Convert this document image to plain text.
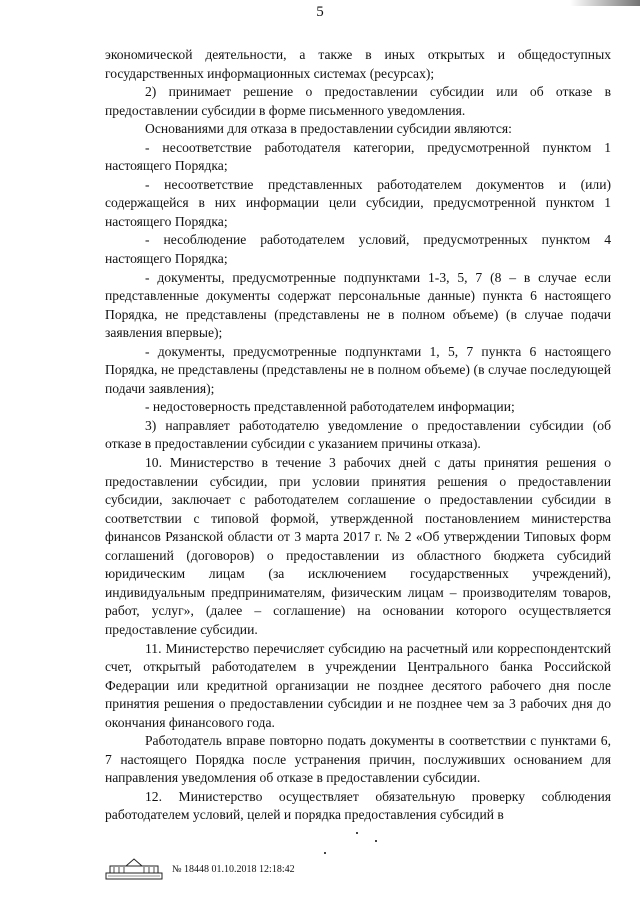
5

экономической деятельности, а также в иных открытых и общедоступных государственных информационных системах (ресурсах);

2) принимает решение о предоставлении субсидии или об отказе в предоставлении субсидии в форме письменного уведомления.

Основаниями для отказа в предоставлении субсидии являются:

- несоответствие работодателя категории, предусмотренной пунктом 1 настоящего Порядка;

- несоответствие представленных работодателем документов и (или) содержащейся в них информации цели субсидии, предусмотренной пунктом 1 настоящего Порядка;

- несоблюдение работодателем условий, предусмотренных пунктом 4 настоящего Порядка;

- документы, предусмотренные подпунктами 1-3, 5, 7 (8 – в случае если представленные документы содержат персональные данные) пункта 6 настоящего Порядка, не представлены (представлены не в полном объеме) (в случае подачи заявления впервые);

- документы, предусмотренные подпунктами 1, 5, 7 пункта 6 настоящего Порядка, не представлены (представлены не в полном объеме) (в случае последующей подачи заявления);

- недостоверность представленной работодателем информации;

3) направляет работодателю уведомление о предоставлении субсидии (об отказе в предоставлении субсидии с указанием причины отказа).

10. Министерство в течение 3 рабочих дней с даты принятия решения о предоставлении субсидии, при условии принятия решения о предоставлении субсидии, заключает с работодателем соглашение о предоставлении субсидии в соответствии с типовой формой, утвержденной постановлением министерства финансов Рязанской области от 3 марта 2017 г. № 2 «Об утверждении Типовых форм соглашений (договоров) о предоставлении из областного бюджета субсидий юридическим лицам (за исключением государственных учреждений), индивидуальным предпринимателям, физическим лицам – производителям товаров, работ, услуг», (далее – соглашение) на основании которого осуществляется предоставление субсидии.

11. Министерство перечисляет субсидию на расчетный или корреспондентский счет, открытый работодателем в учреждении Центрального банка Российской Федерации или кредитной организации не позднее десятого рабочего дня после принятия решения о предоставлении субсидии и не позднее чем за 3 рабочих дня до окончания финансового года.

Работодатель вправе повторно подать документы в соответствии с пунктами 6, 7 настоящего Порядка после устранения причин, послуживших основанием для направления уведомления об отказе в предоставлении субсидии.

12. Министерство осуществляет обязательную проверку соблюдения работодателем условий, целей и порядка предоставления субсидий в

№ 18448 01.10.2018 12:18:42
